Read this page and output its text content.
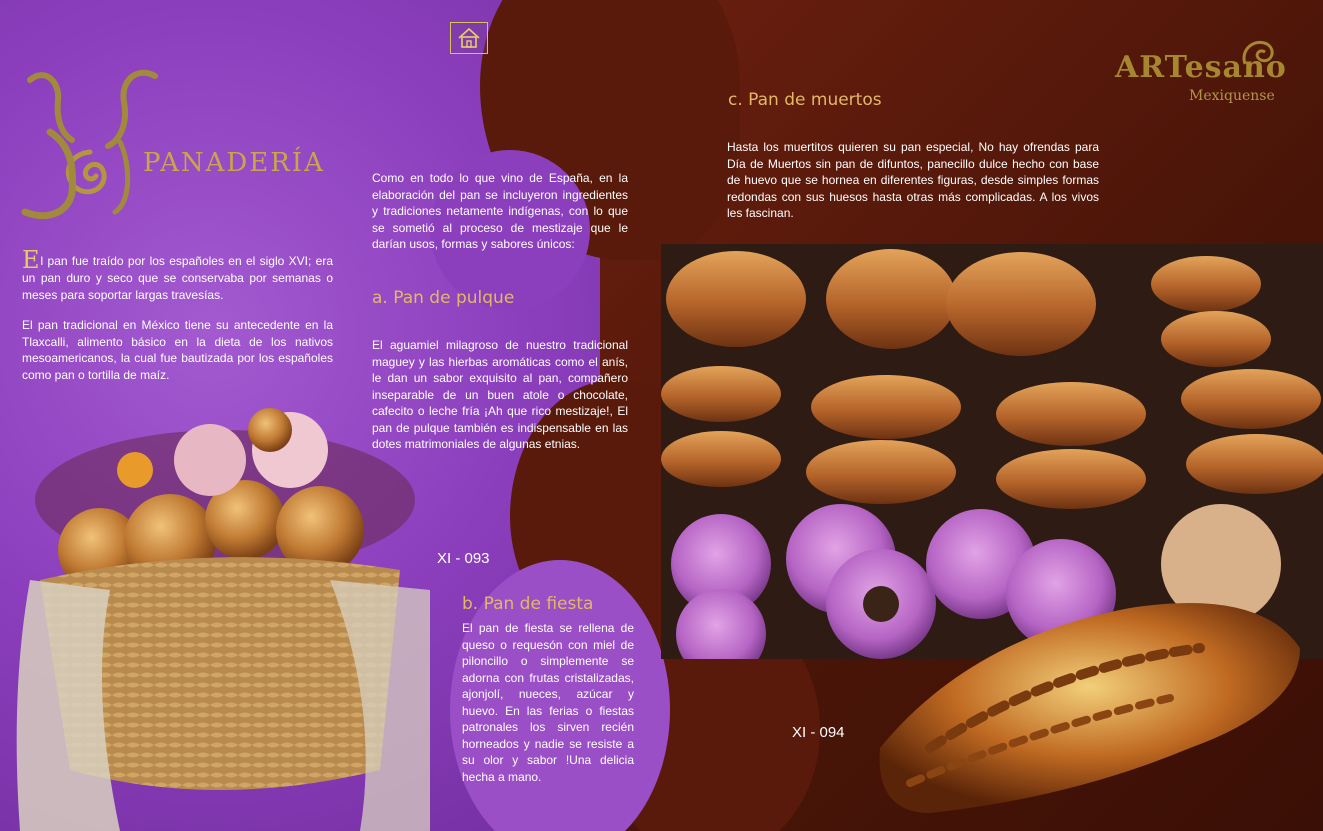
PANADERÍA
ARTesano
Mexiquense

El pan fue traído por los españoles en el siglo XVI; era un pan duro y seco que se conservaba por semanas o meses para soportar largas travesías.

El pan tradicional en México tiene su antecedente en la Tlaxcalli, alimento básico en la dieta de los nativos mesoamericanos, la cual fue bautizada por los españoles como pan o tortilla de maíz.

Como en todo lo que vino de España, en la elaboración del pan se incluyeron ingredientes y tradiciones netamente indígenas, con lo que se sometió al proceso de mestizaje que le darían usos, formas y sabores únicos:

a. Pan de pulque

El aguamiel milagroso de nuestro tradicional maguey y las hierbas aromáticas como el anís, le dan un sabor exquisito al pan, compañero inseparable de un buen atole o chocolate, cafecito o leche fría ¡Ah que rico mestizaje!, El pan de pulque también es indispensable en las dotes matrimoniales de algunas etnias.

XI - 093
b. Pan de fiesta

El pan de fiesta se rellena de queso o requesón con miel de piloncillo o simplemente se adorna con frutas cristalizadas, ajonjolí, nueces, azúcar y huevo. En las ferias o fiestas patronales los sirven recién horneados y nadie se resiste a su olor y sabor !Una delicia hecha a mano.

c. Pan de muertos

Hasta los muertitos quieren su pan especial, No hay ofrendas para Día de Muertos sin pan de difuntos, panecillo dulce hecho con base de huevo que se hornea en diferentes figuras, desde simples formas redondas con sus huesos hasta otras más complicadas. A los vivos les fascinan.

XI - 094
